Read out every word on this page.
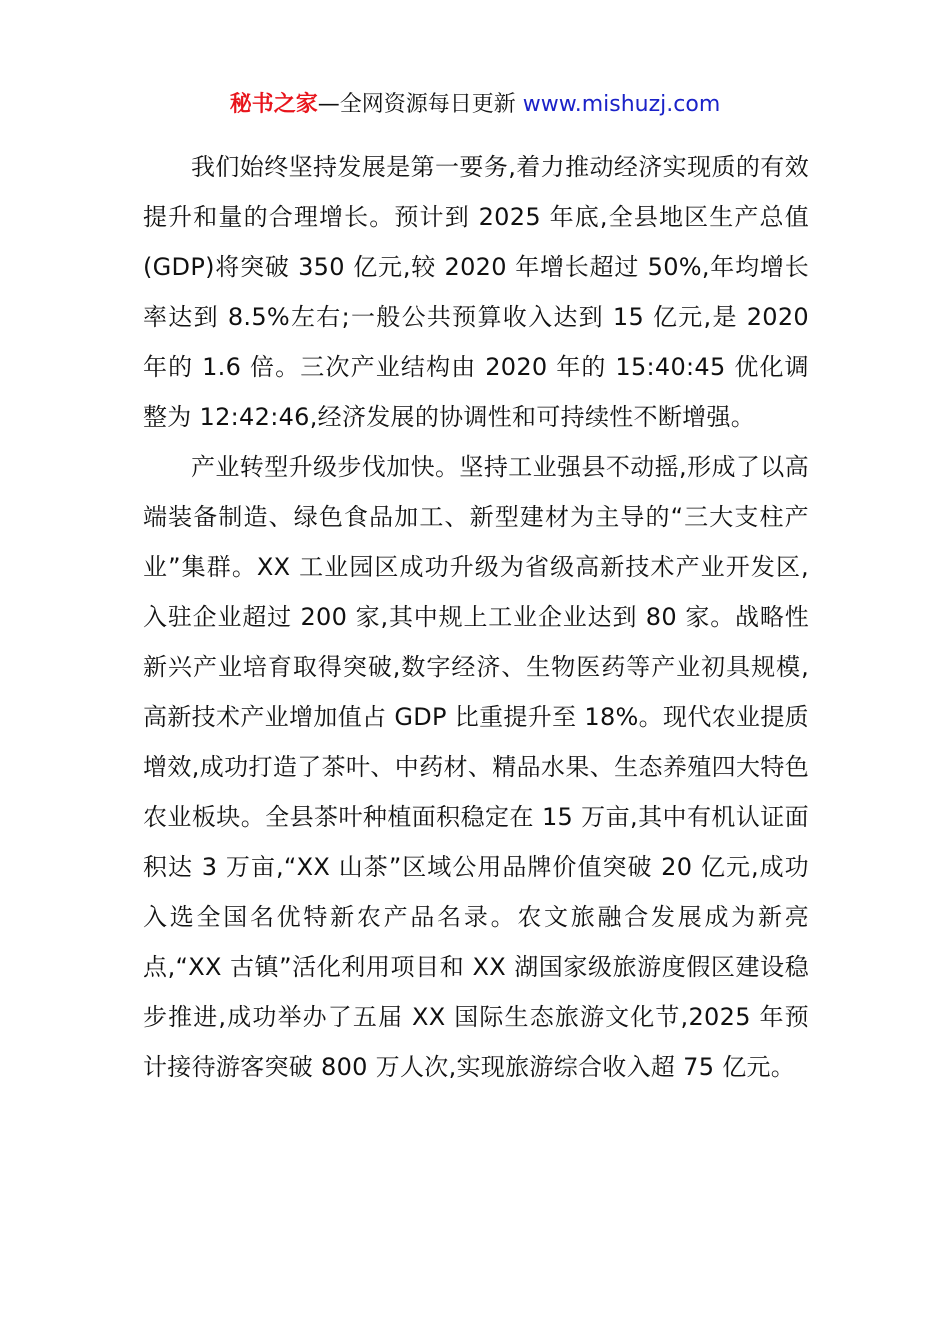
秘书之家—全网资源每日更新 www.mishuzj.com

我们始终坚持发展是第一要务,着力推动经济实现质的有效提升和量的合理增长。预计到 2025 年底,全县地区生产总值(GDP)将突破 350 亿元,较 2020 年增长超过 50%,年均增长率达到 8.5%左右;一般公共预算收入达到 15 亿元,是 2020 年的 1.6 倍。三次产业结构由 2020 年的 15:40:45 优化调整为 12:42:46,经济发展的协调性和可持续性不断增强。

产业转型升级步伐加快。坚持工业强县不动摇,形成了以高端装备制造、绿色食品加工、新型建材为主导的“三大支柱产业”集群。XX 工业园区成功升级为省级高新技术产业开发区,入驻企业超过 200 家,其中规上工业企业达到 80 家。战略性新兴产业培育取得突破,数字经济、生物医药等产业初具规模,高新技术产业增加值占 GDP 比重提升至 18%。现代农业提质增效,成功打造了茶叶、中药材、精品水果、生态养殖四大特色农业板块。全县茶叶种植面积稳定在 15 万亩,其中有机认证面积达 3 万亩,“XX 山茶”区域公用品牌价值突破 20 亿元,成功入选全国名优特新农产品名录。农文旅融合发展成为新亮点,“XX 古镇”活化利用项目和 XX 湖国家级旅游度假区建设稳步推进,成功举办了五届 XX 国际生态旅游文化节,2025 年预计接待游客突破 800 万人次,实现旅游综合收入超 75 亿元。
